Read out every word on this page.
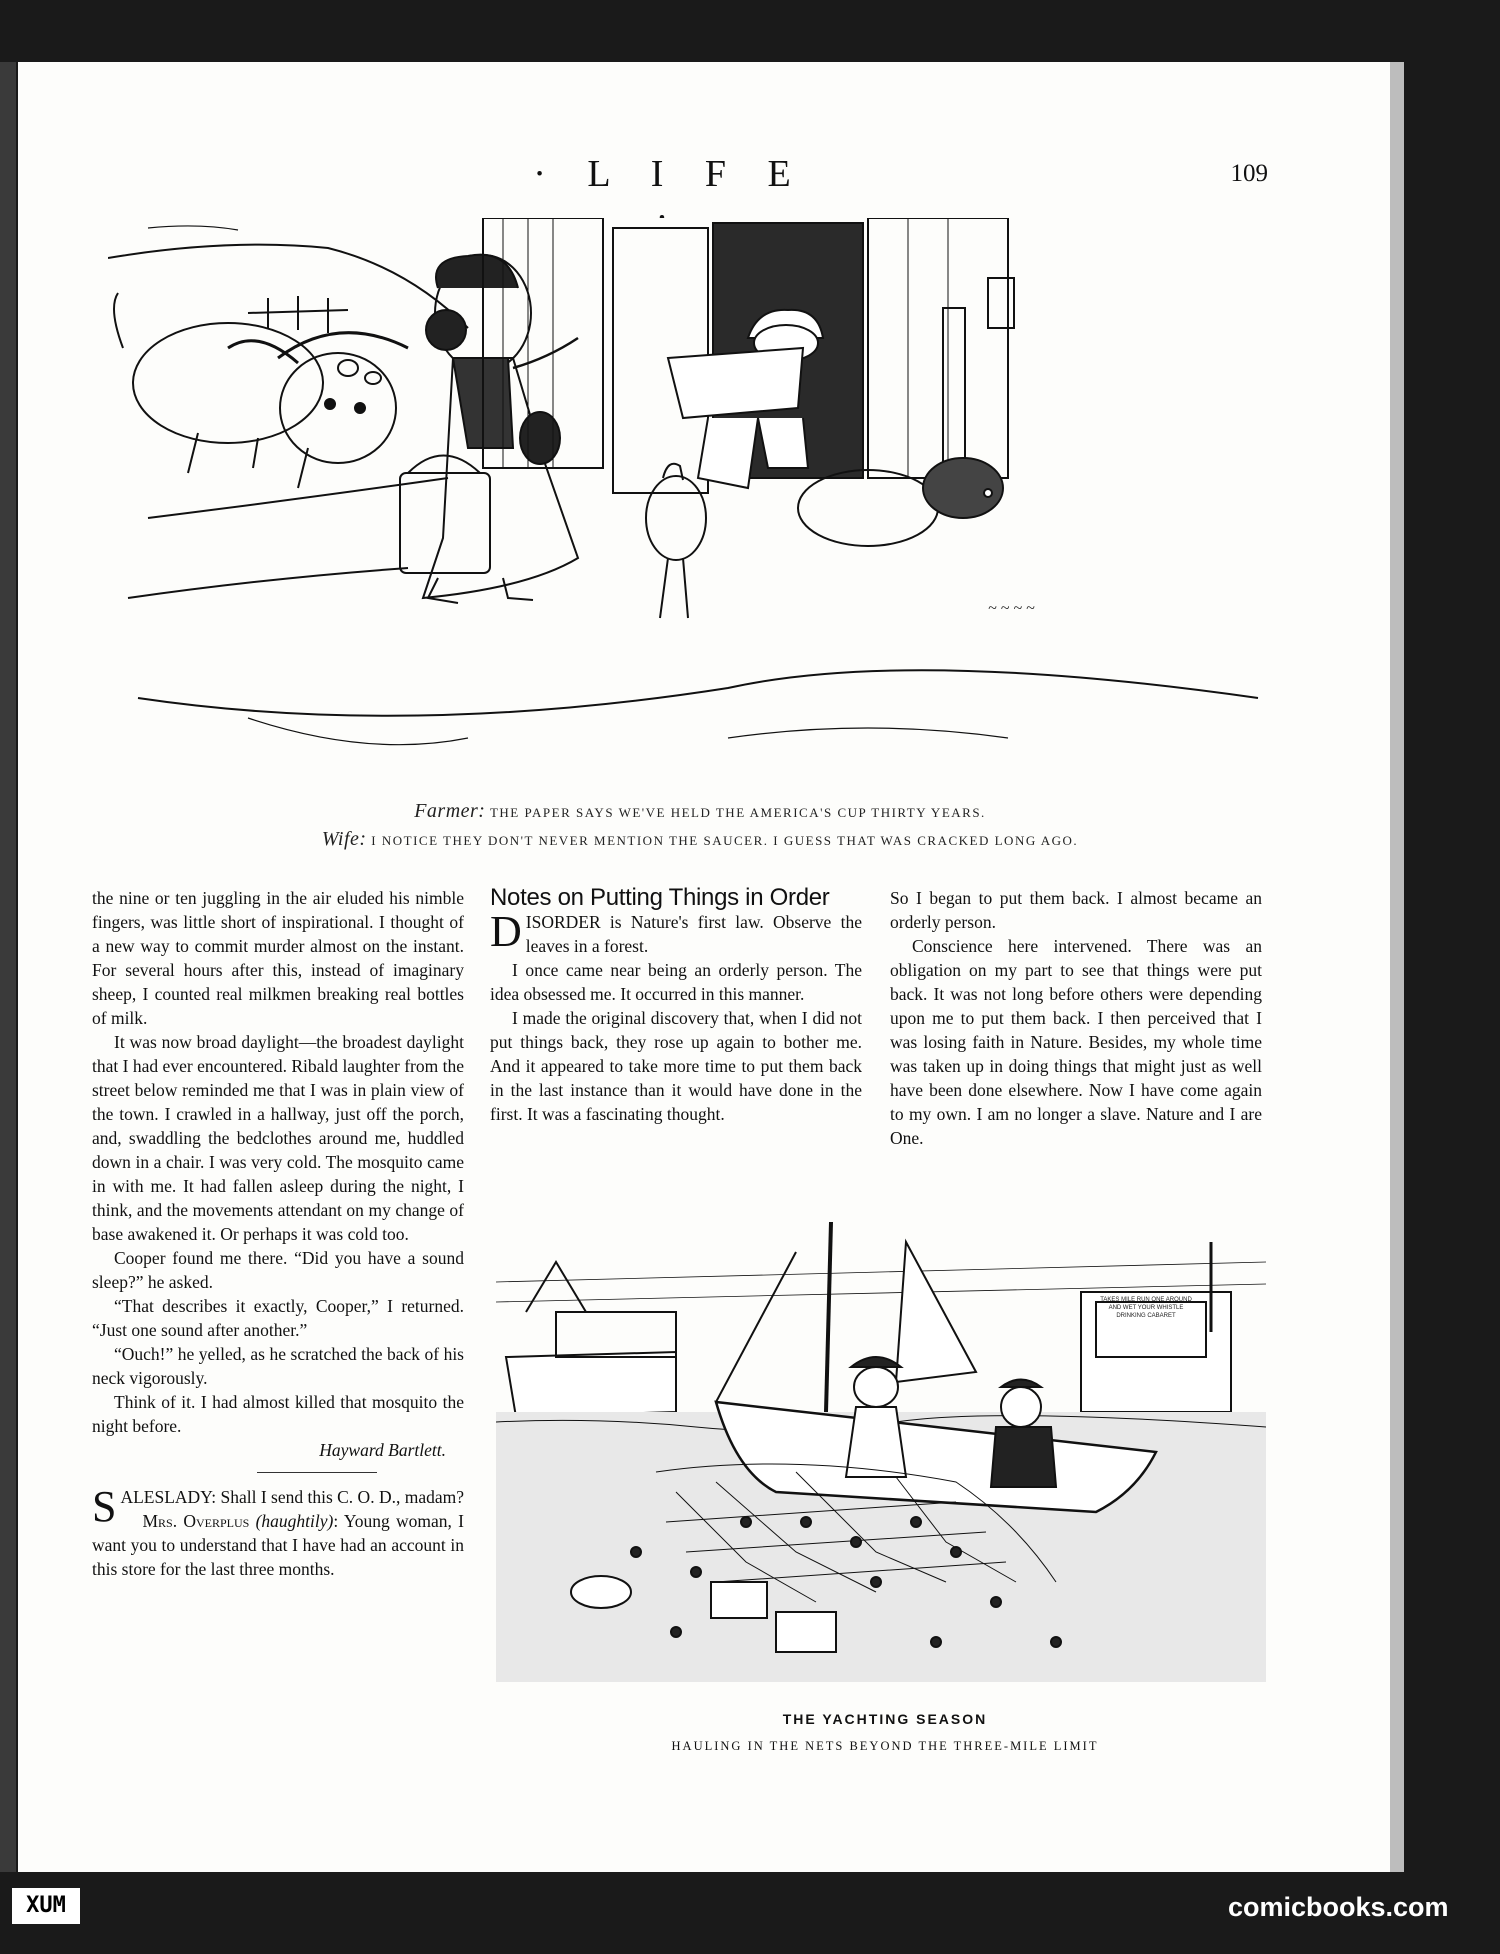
· L I F E ·
109
~ ~ ~ ~
Farmer: THE PAPER SAYS WE'VE HELD THE AMERICA'S CUP THIRTY YEARS.
Wife: I NOTICE THEY DON'T NEVER MENTION THE SAUCER. I GUESS THAT WAS CRACKED LONG AGO.

the nine or ten juggling in the air eluded his nimble fingers, was little short of inspirational. I thought of a new way to commit murder almost on the instant. For several hours after this, instead of imaginary sheep, I counted real milkmen breaking real bottles of milk.

It was now broad daylight—the broadest daylight that I had ever encountered. Ribald laughter from the street below reminded me that I was in plain view of the town. I crawled in a hallway, just off the porch, and, swaddling the bedclothes around me, huddled down in a chair. I was very cold. The mosquito came in with me. It had fallen asleep during the night, I think, and the movements attendant on my change of base awakened it. Or perhaps it was cold too.

Cooper found me there. “Did you have a sound sleep?” he asked.

“That describes it exactly, Cooper,” I returned. “Just one sound after another.”

“Ouch!” he yelled, as he scratched the back of his neck vigorously.

Think of it. I had almost killed that mosquito the night before.

Hayward Bartlett.

SALESLADY: Shall I send this C. O. D., madam?

Mrs. Overplus (haughtily): Young woman, I want you to understand that I have had an account in this store for the last three months.

Notes on Putting Things in Order

DISORDER is Nature's first law. Observe the leaves in a forest.

I once came near being an orderly person. The idea obsessed me. It occurred in this manner.

I made the original discovery that, when I did not put things back, they rose up again to bother me. And it appeared to take more time to put them back in the last instance than it would have done in the first. It was a fascinating thought.

So I began to put them back. I almost became an orderly person.

Conscience here intervened. There was an obligation on my part to see that things were put back. It was not long before others were depending upon me to put them back. I then perceived that I was losing faith in Nature. Besides, my whole time was taken up in doing things that might just as well have been done elsewhere. Now I have come again to my own. I am no longer a slave. Nature and I are One.

TAKES MILE RUN ONE AROUND AND WET YOUR WHISTLE DRINKING CABARET
THE YACHTING SEASON
HAULING IN THE NETS BEYOND THE THREE-MILE LIMIT
XUM	comicbooks.com
